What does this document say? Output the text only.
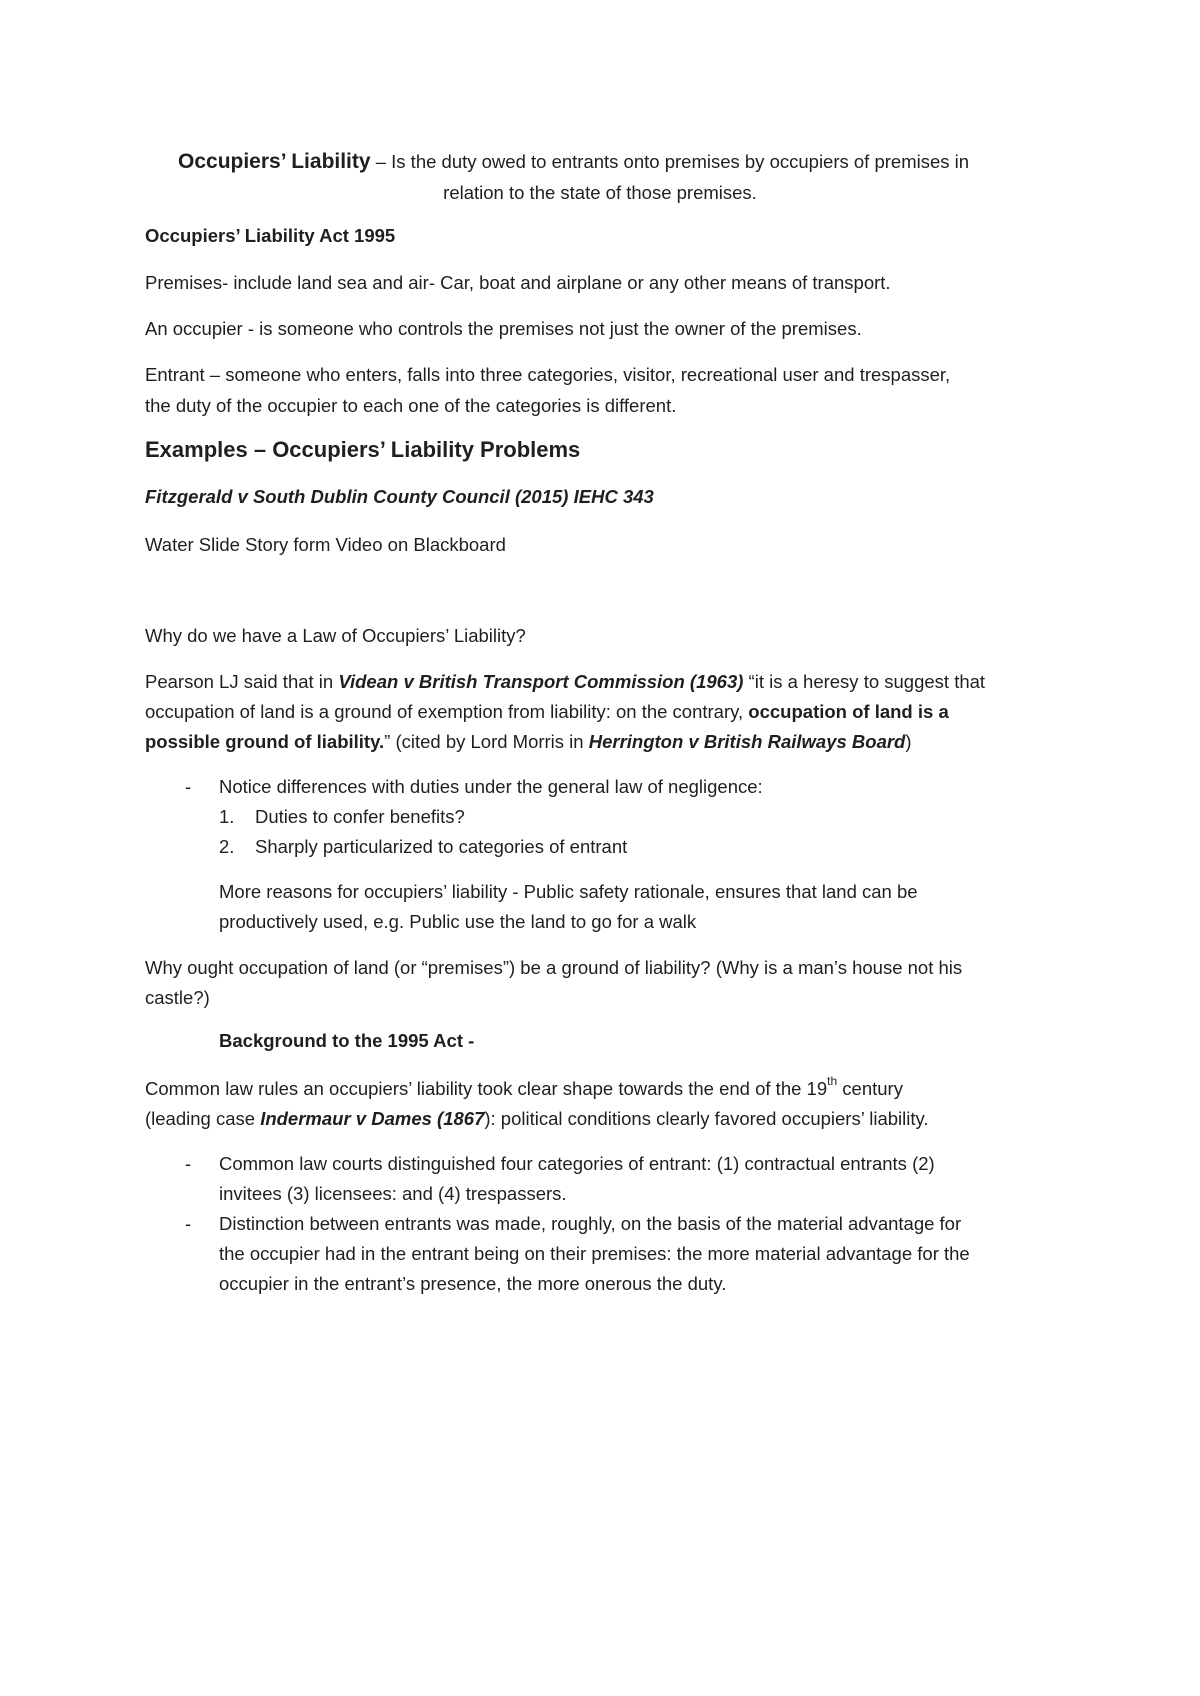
Occupiers’ Liability – Is the duty owed to entrants onto premises by occupiers of premises in
relation to the state of those premises.
Occupiers’ Liability Act 1995
Premises- include land sea and air- Car, boat and airplane or any other means of transport.
An occupier - is someone who controls the premises not just the owner of the premises.
Entrant – someone who enters, falls into three categories, visitor, recreational user and trespasser,
the duty of the occupier to each one of the categories is different.
Examples – Occupiers’ Liability Problems
Fitzgerald v South Dublin County Council (2015) IEHC 343
Water Slide Story form Video on Blackboard
Why do we have a Law of Occupiers’ Liability?
Pearson LJ said that in Videan v British Transport Commission (1963) “it is a heresy to suggest that
occupation of land is a ground of exemption from liability: on the contrary, occupation of land is a
possible ground of liability.” (cited by Lord Morris in Herrington v British Railways Board)
- Notice differences with duties under the general law of negligence:
1. Duties to confer benefits?
2. Sharply particularized to categories of entrant
More reasons for occupiers’ liability - Public safety rationale, ensures that land can be
productively used, e.g. Public use the land to go for a walk
Why ought occupation of land (or “premises”) be a ground of liability? (Why is a man’s house not his
castle?)
Background to the 1995 Act -
Common law rules an occupiers’ liability took clear shape towards the end of the 19th century
(leading case Indermaur v Dames (1867): political conditions clearly favored occupiers’ liability.
- Common law courts distinguished four categories of entrant: (1) contractual entrants (2)
invitees (3) licensees: and (4) trespassers.
- Distinction between entrants was made, roughly, on the basis of the material advantage for
the occupier had in the entrant being on their premises: the more material advantage for the
occupier in the entrant’s presence, the more onerous the duty.
